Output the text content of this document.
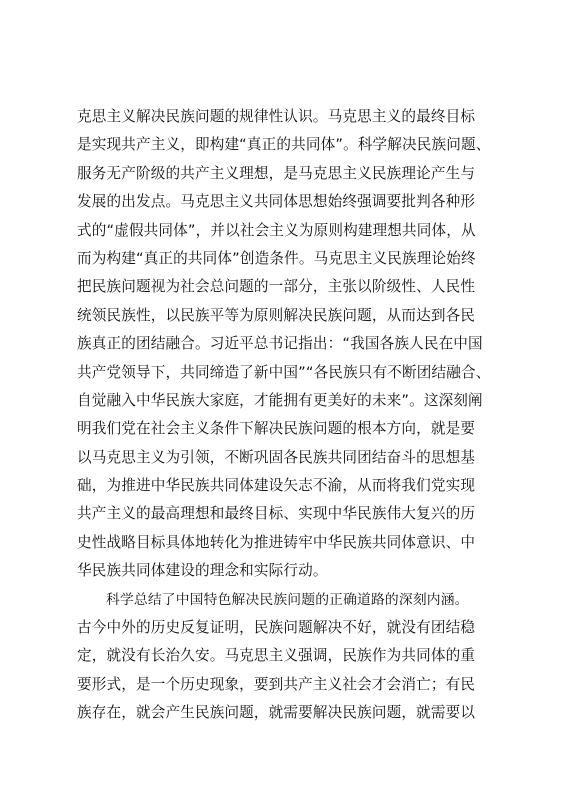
克思主义解决民族问题的规律性认识。马克思主义的最终目标
是实现共产主义，即构建“真正的共同体”。科学解决民族问题、
服务无产阶级的共产主义理想，是马克思主义民族理论产生与
发展的出发点。马克思主义共同体思想始终强调要批判各种形
式的“虚假共同体”，并以社会主义为原则构建理想共同体，从
而为构建“真正的共同体”创造条件。马克思主义民族理论始终
把民族问题视为社会总问题的一部分，主张以阶级性、人民性
统领民族性，以民族平等为原则解决民族问题，从而达到各民
族真正的团结融合。习近平总书记指出：“我国各族人民在中国
共产党领导下，共同缔造了新中国”“各民族只有不断团结融合、
自觉融入中华民族大家庭，才能拥有更美好的未来”。这深刻阐
明我们党在社会主义条件下解决民族问题的根本方向，就是要
以马克思主义为引领，不断巩固各民族共同团结奋斗的思想基
础，为推进中华民族共同体建设矢志不渝，从而将我们党实现
共产主义的最高理想和最终目标、实现中华民族伟大复兴的历
史性战略目标具体地转化为推进铸牢中华民族共同体意识、中
华民族共同体建设的理念和实际行动。
科学总结了中国特色解决民族问题的正确道路的深刻内涵。
古今中外的历史反复证明，民族问题解决不好，就没有团结稳
定，就没有长治久安。马克思主义强调，民族作为共同体的重
要形式，是一个历史现象，要到共产主义社会才会消亡；有民
族存在，就会产生民族问题，就需要解决民族问题，就需要以
